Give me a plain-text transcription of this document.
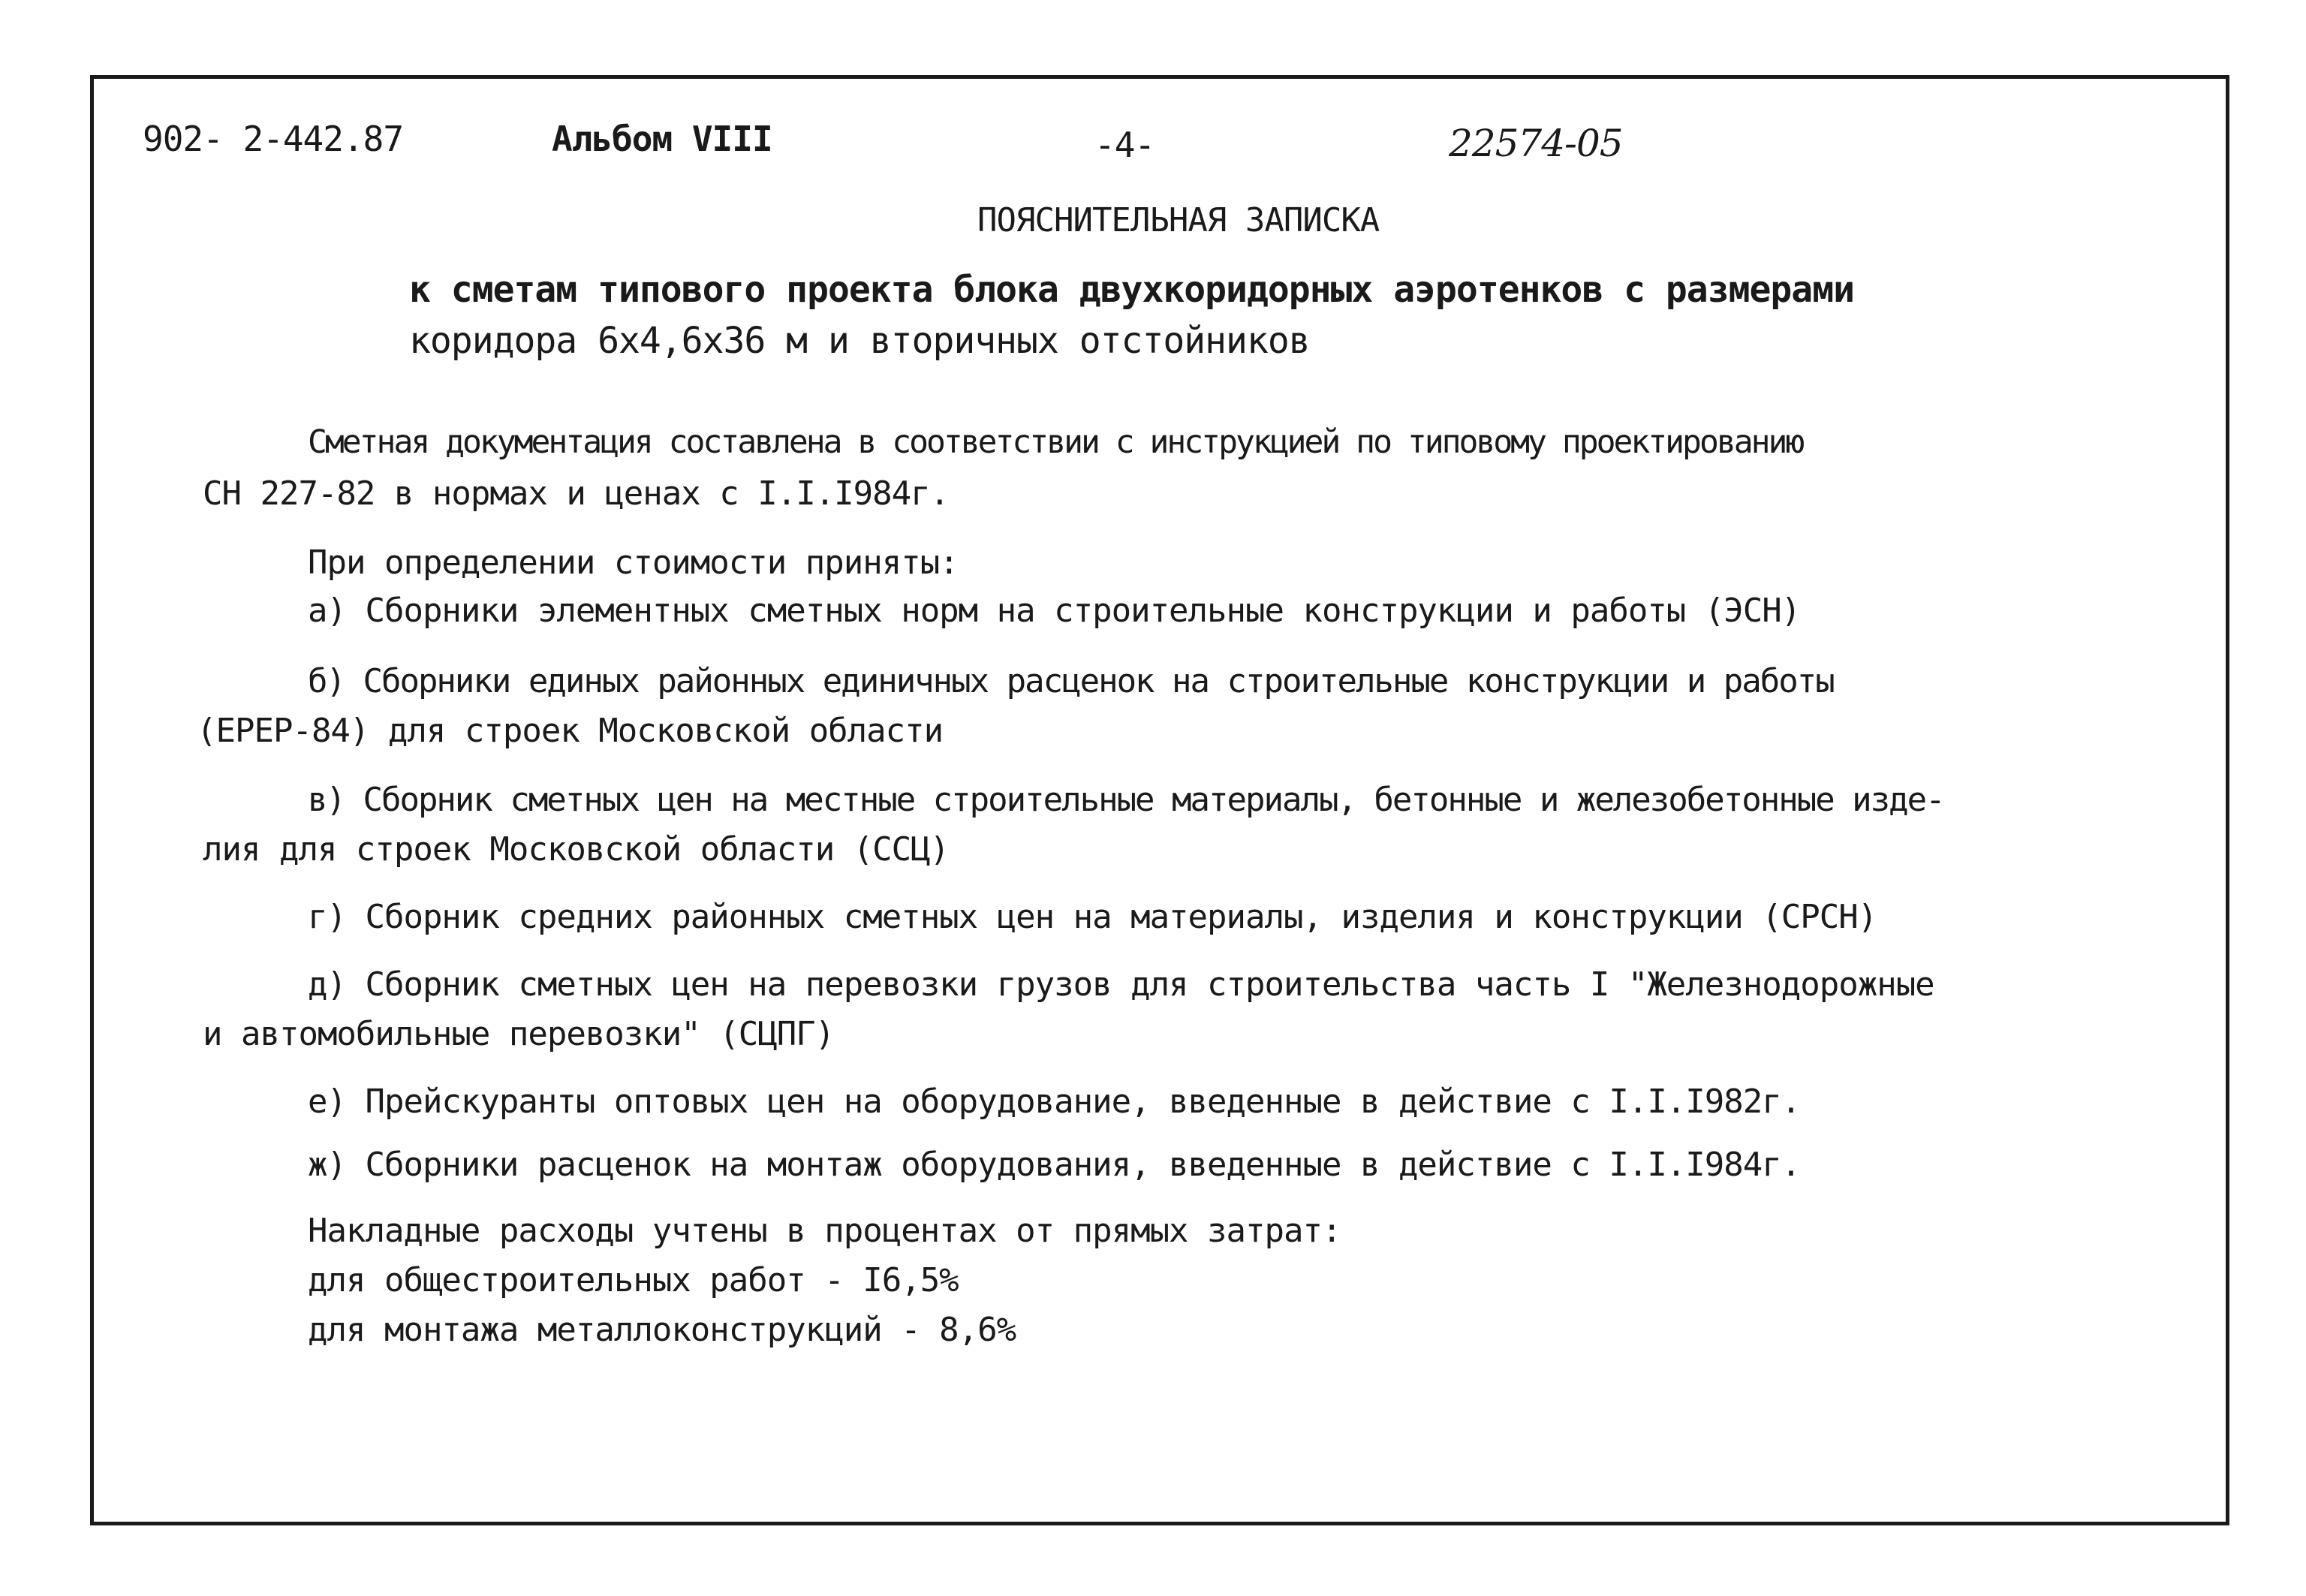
902- 2-442.87	Альбом VIII	-4-	22574-05
ПОЯСНИТЕЛЬНАЯ ЗАПИСКА
к сметам типового проекта блока двухкоридорных аэротенков с размерами
коридора 6х4,6х36 м и вторичных отстойников
Сметная документация составлена в соответствии с инструкцией по типовому проектированию
СН 227-82 в нормах и ценах с I.I.I984г.
При определении стоимости приняты:
а) Сборники элементных сметных норм на строительные конструкции и работы (ЭСН)
б) Сборники единых районных единичных расценок на строительные конструкции и работы
(ЕРЕР-84) для строек Московской области
в) Сборник сметных цен на местные строительные материалы, бетонные и железобетонные изде-
лия для строек Московской области (ССЦ)
г) Сборник средних районных сметных цен на материалы, изделия и конструкции (СРСН)
д) Сборник сметных цен на перевозки грузов для строительства часть I "Железнодорожные
и автомобильные перевозки" (СЦПГ)
е) Прейскуранты оптовых цен на оборудование, введенные в действие с I.I.I982г.
ж) Сборники расценок на монтаж оборудования, введенные в действие с I.I.I984г.
Накладные расходы учтены в процентах от прямых затрат:
для общестроительных работ - I6,5%
для монтажа металлоконструкций - 8,6%
